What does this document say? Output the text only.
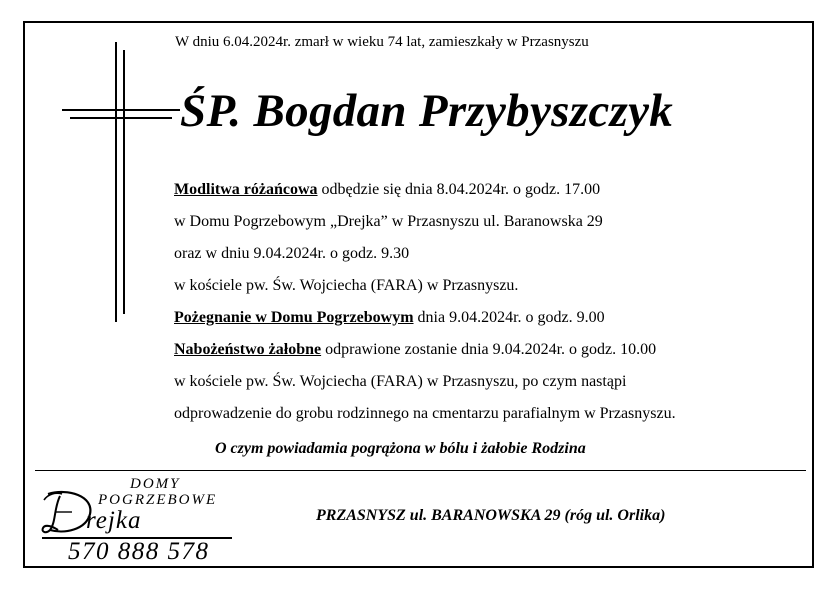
W dniu 6.04.2024r. zmarł w wieku 74 lat, zamieszkały w Przasnyszu
ŚP. Bogdan Przybyszczyk
Modlitwa różańcowa odbędzie się dnia 8.04.2024r. o godz. 17.00
w Domu Pogrzebowym „Drejka” w Przasnyszu ul. Baranowska 29
oraz w dniu 9.04.2024r. o godz. 9.30
w kościele pw. Św. Wojciecha (FARA) w Przasnyszu.
Pożegnanie w Domu Pogrzebowym dnia 9.04.2024r. o godz. 9.00
Nabożeństwo żałobne odprawione zostanie dnia 9.04.2024r. o godz. 10.00
w kościele pw. Św. Wojciecha (FARA) w Przasnyszu, po czym nastąpi
odprowadzenie do grobu rodzinnego na cmentarzu parafialnym w Przasnyszu.
O czym powiadamia pogrążona w bólu i żałobie Rodzina
DOMY
POGRZEBOWE
rejka
570 888 578
PRZASNYSZ ul. BARANOWSKA 29 (róg ul. Orlika)
